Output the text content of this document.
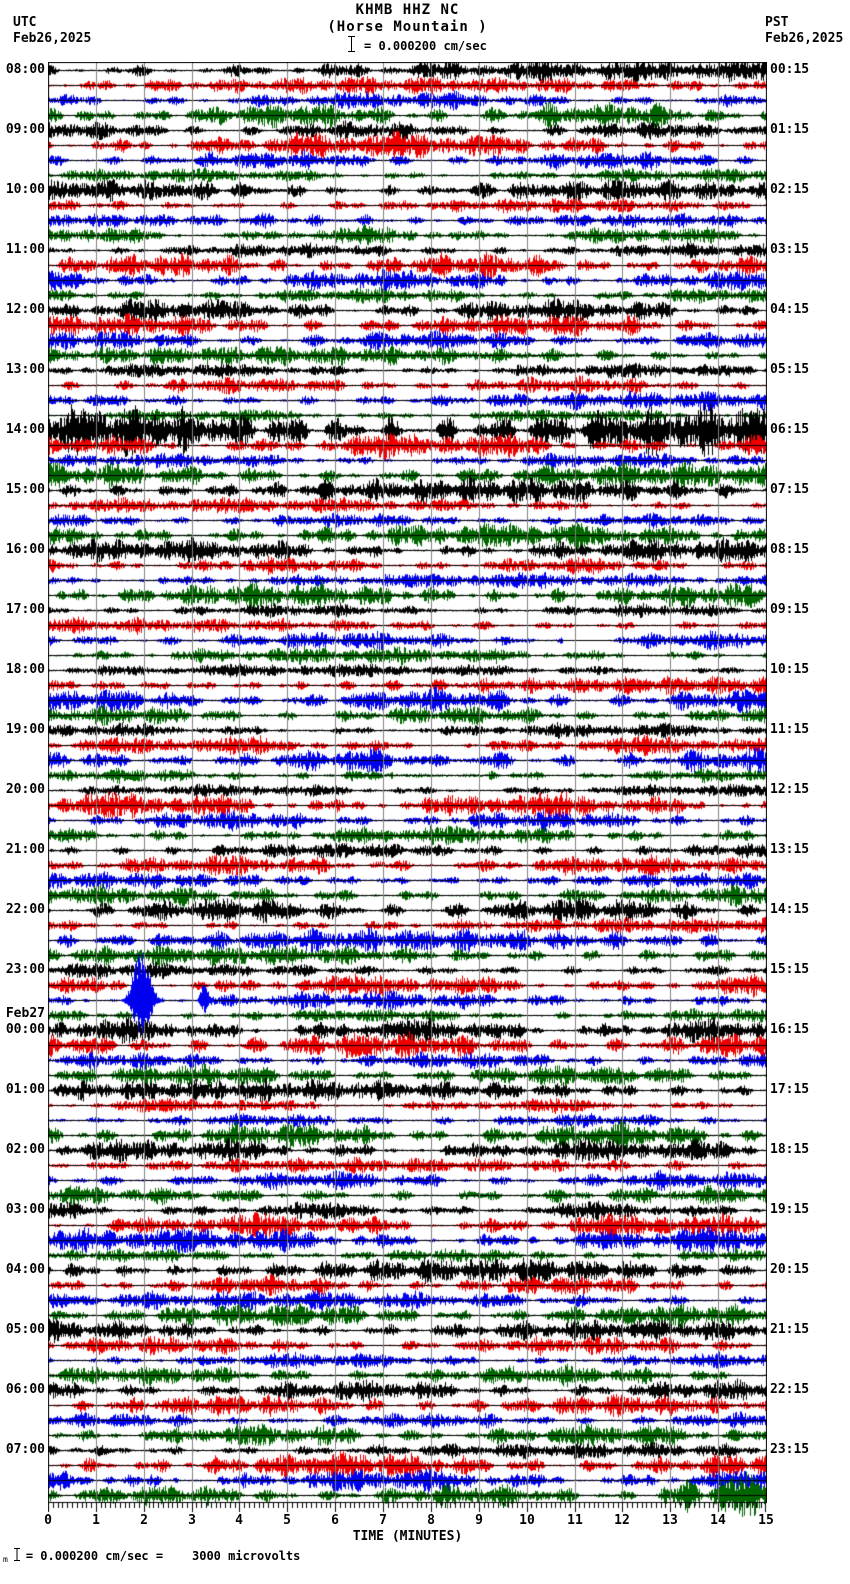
KHMB HHZ NC
(Horse Mountain )
UTC
Feb26,2025
PST
Feb26,2025
= 0.000200 cm/sec
08:00	00:15
09:00	01:15
10:00	02:15
11:00	03:15
12:00	04:15
13:00	05:15
14:00	06:15
15:00	07:15
16:00	08:15
17:00	09:15
18:00	10:15
19:00	11:15
20:00	12:15
21:00	13:15
22:00	14:15
23:00	15:15
00:00	16:15
01:00	17:15
02:00	18:15
03:00	19:15
04:00	20:15
05:00	21:15
06:00	22:15
07:00	23:15
Feb27
0	1	2	3	4	5	6	7	8	9	10	11	12	13	14	15
TIME (MINUTES)
m = 0.000200 cm/sec =    3000 microvolts
